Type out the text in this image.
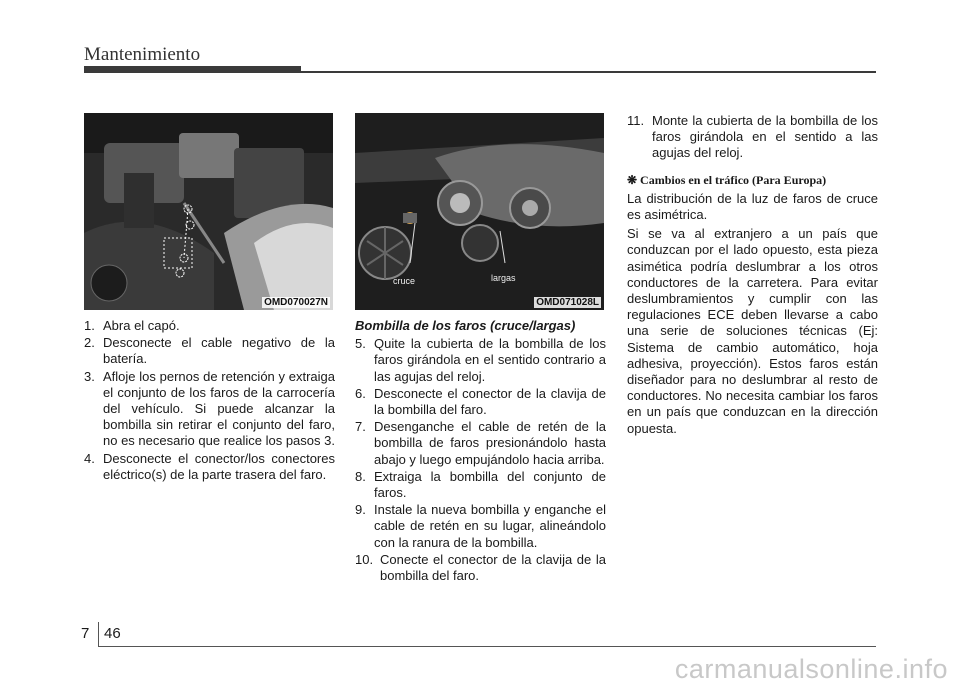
Mantenimiento
OMD070027N
cruce	largas
OMD071028L
1. Abra el capó.
2. Desconecte el cable negativo de la batería.
3. Afloje los pernos de retención y extraiga el conjunto de los faros de la carrocería del vehículo. Si puede alcanzar la bombilla sin retirar el conjunto del faro, no es necesario que realice los pasos 3.
4. Desconecte el conector/los conectores eléctrico(s) de la parte trasera del faro.
Bombilla de los faros (cruce/largas)
5. Quite la cubierta de la bombilla de los faros girándola en el sentido contrario a las agujas del reloj.
6. Desconecte el conector de la clavija de la bombilla del faro.
7. Desenganche el cable de retén de la bombilla de faros presionándolo hasta abajo y luego empujándolo hacia arriba.
8. Extraiga la bombilla del conjunto de faros.
9. Instale la nueva bombilla y enganche el cable de retén en su lugar, alineándolo con la ranura de la bombilla.
10. Conecte el conector de la clavija de la bombilla del faro.
11. Monte la cubierta de la bombilla de los faros girándola en el sentido a las agujas del reloj.
❋ Cambios en el tráfico (Para Europa)

La distribución de la luz de faros de cruce es asimétrica.

Si se va al extranjero a un país que conduzcan por el lado opuesto, esta pieza asimética podría deslumbrar a los otros conductores de la carretera. Para evitar deslumbramientos y cumplir con las regulaciones ECE deben llevarse a cabo una serie de soluciones técnicas (Ej: Sistema de cambio automático, hoja adhesiva, proyección). Estos faros están diseñador para no deslumbrar al resto de conductores. No necesita cambiar los faros en un país que conduzcan en la dirección opuesta.

7 46
carmanualsonline.info
